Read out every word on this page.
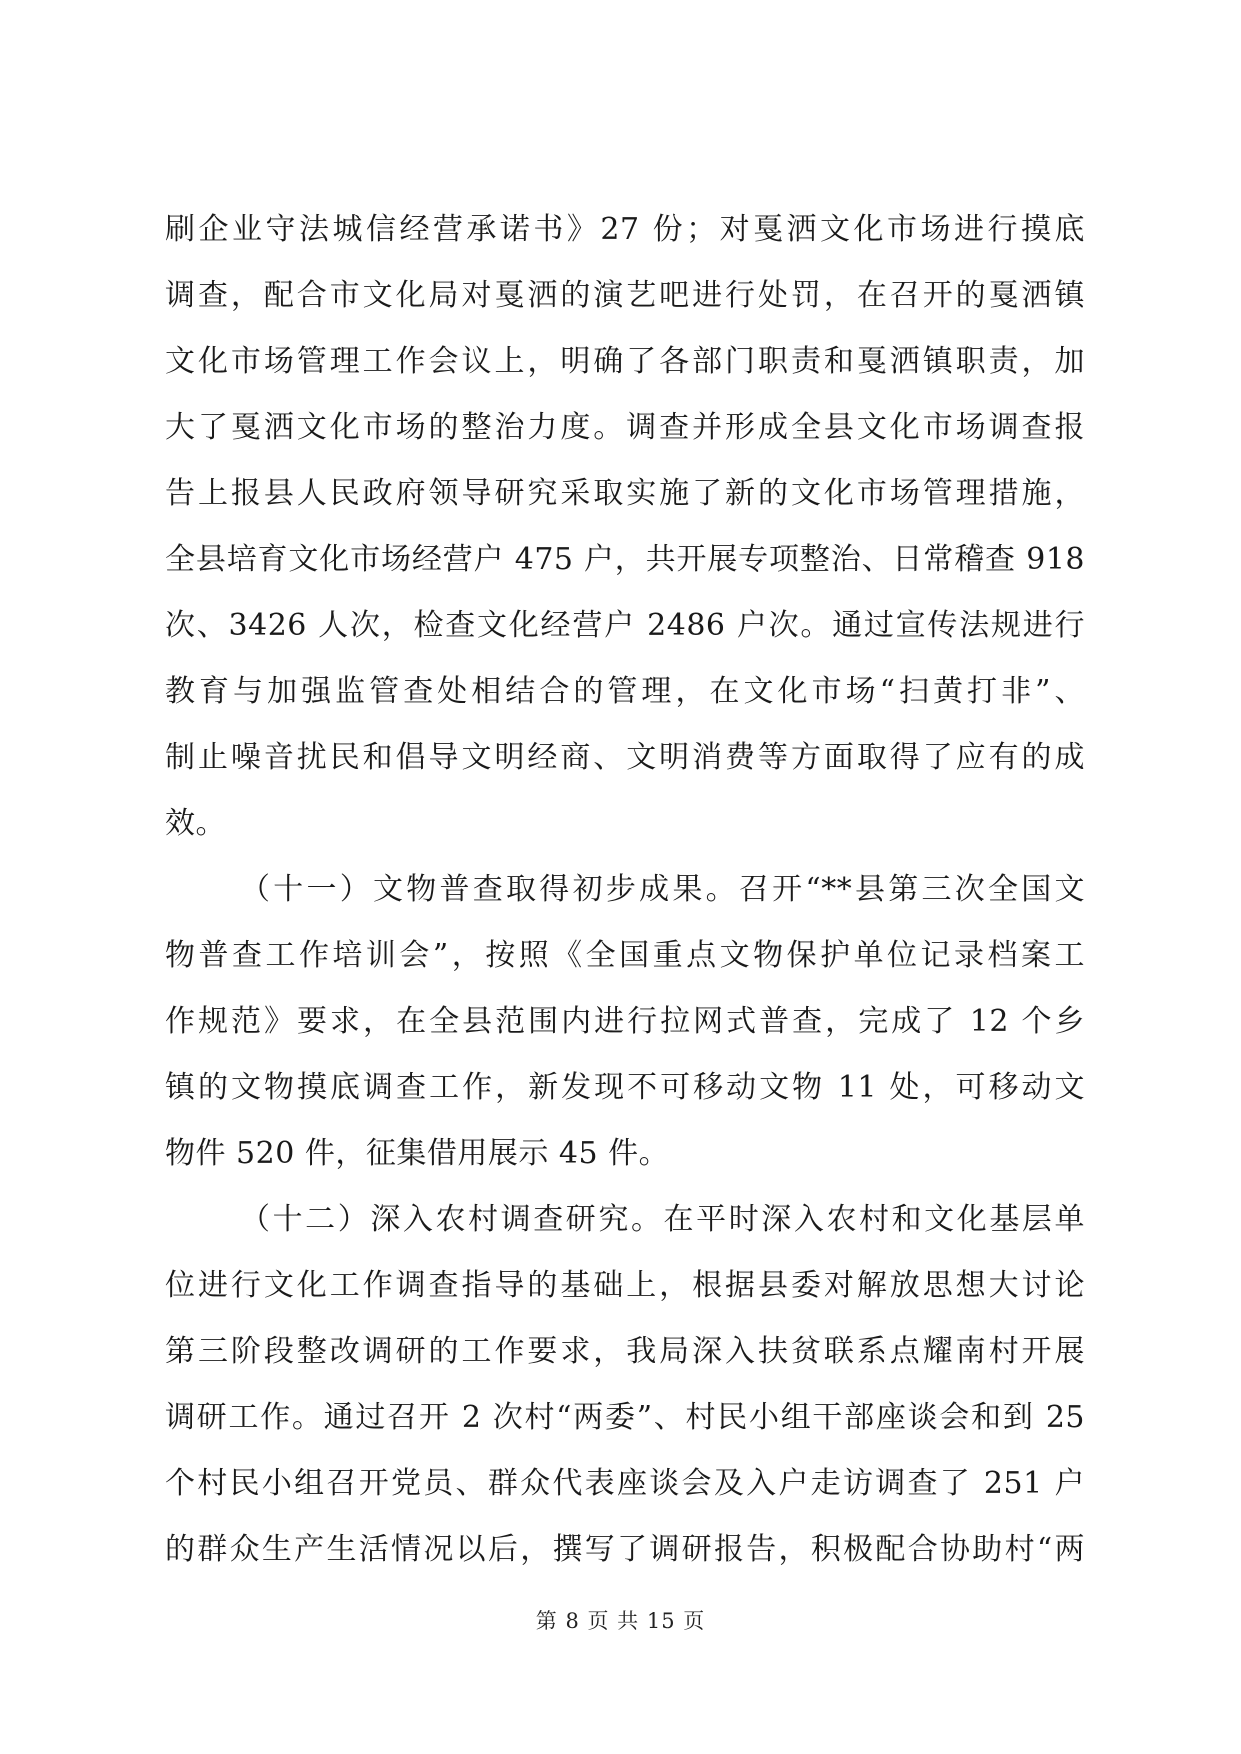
刷企业守法城信经营承诺书》27 份；对戛洒文化市场进行摸底
调查，配合市文化局对戛洒的演艺吧进行处罚，在召开的戛洒镇
文化市场管理工作会议上，明确了各部门职责和戛洒镇职责，加
大了戛洒文化市场的整治力度。调查并形成全县文化市场调查报
告上报县人民政府领导研究采取实施了新的文化市场管理措施，
全县培育文化市场经营户 475 户，共开展专项整治、日常稽查 918
次、3426 人次，检查文化经营户 2486 户次。通过宣传法规进行
教育与加强监管查处相结合的管理，在文化市场“扫黄打非”、
制止噪音扰民和倡导文明经商、文明消费等方面取得了应有的成
效。
（十一）文物普查取得初步成果。召开“**县第三次全国文
物普查工作培训会”，按照《全国重点文物保护单位记录档案工
作规范》要求，在全县范围内进行拉网式普查，完成了 12 个乡
镇的文物摸底调查工作，新发现不可移动文物 11 处，可移动文
物件 520 件，征集借用展示 45 件。
（十二）深入农村调查研究。在平时深入农村和文化基层单
位进行文化工作调查指导的基础上，根据县委对解放思想大讨论
第三阶段整改调研的工作要求，我局深入扶贫联系点耀南村开展
调研工作。通过召开 2 次村“两委”、村民小组干部座谈会和到 25
个村民小组召开党员、群众代表座谈会及入户走访调查了 251 户
的群众生产生活情况以后，撰写了调研报告，积极配合协助村“两
第 8 页 共 15 页
